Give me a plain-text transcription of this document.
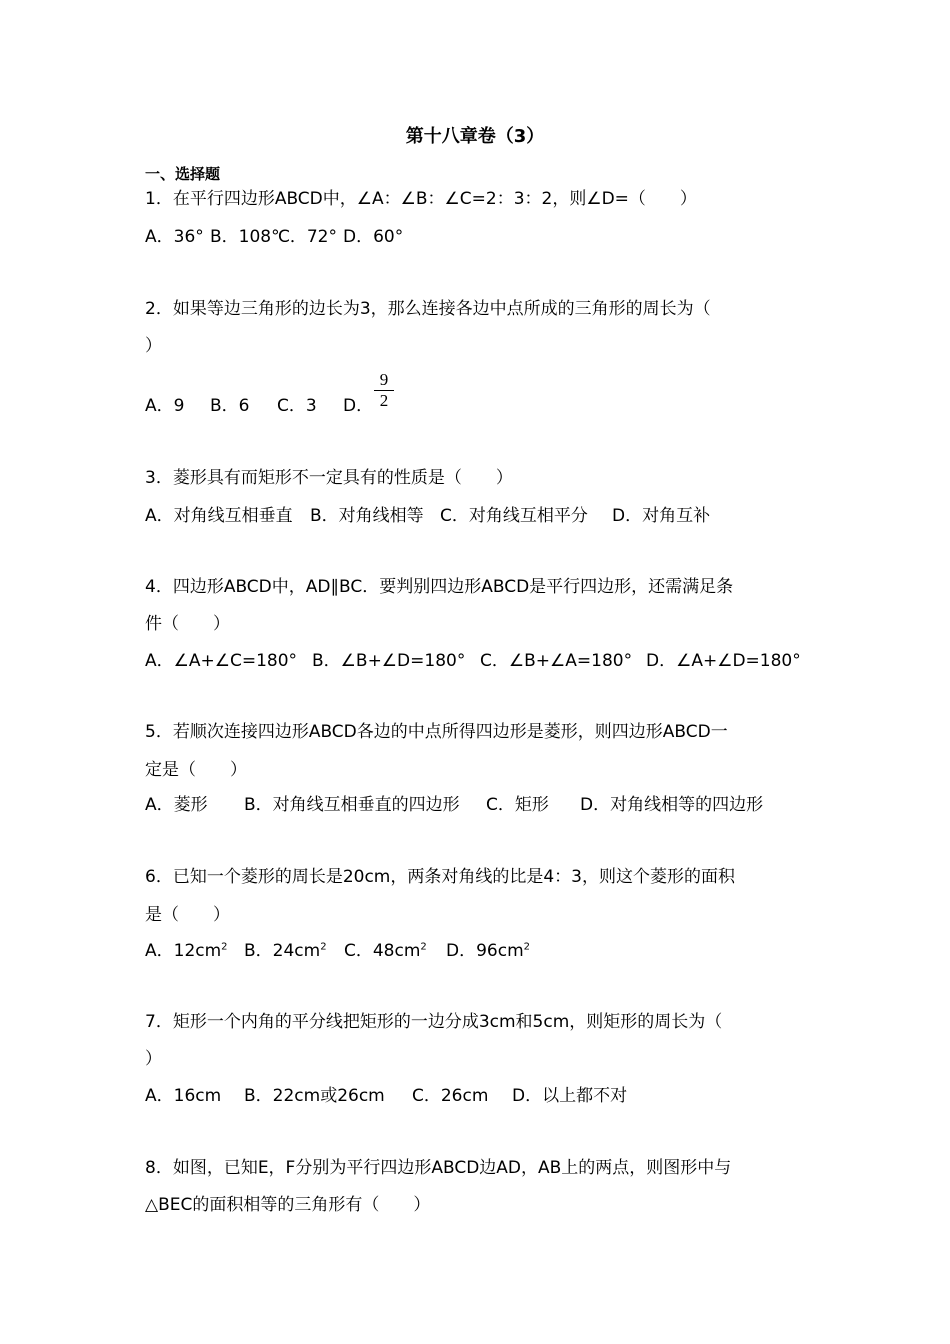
第十八章卷（3）
一、选择题
1．在平行四边形ABCD中，∠A：∠B：∠C=2：3：2，则∠D=（　　）
A．36° B．108°
C．72° D．60°
2．如果等边三角形的边长为3，那么连接各边中点所成的三角形的周长为（
）
A．9 B．6 C．3 D．
9
2
3．菱形具有而矩形不一定具有的性质是（　　）
A．对角线互相垂直 B．对角线相等 C．对角线互相平分 D．对角互补
4．四边形ABCD中，AD∥BC．要判别四边形ABCD是平行四边形，还需满足条
件（　　）
A．∠A+∠C=180° B．∠B+∠D=180° C．∠B+∠A=180° D．∠A+∠D=180°
5．若顺次连接四边形ABCD各边的中点所得四边形是菱形，则四边形ABCD一
定是（　　）
A．菱形 B．对角线互相垂直的四边形 C．矩形 D．对角线相等的四边形
6．已知一个菱形的周长是20cm，两条对角线的比是4：3，则这个菱形的面积
是（　　）
A．$12cm^2$ B．$24cm^2$ C．$48cm^2$ D．$96cm^2$
7．矩形一个内角的平分线把矩形的一边分成3cm和5cm，则矩形的周长为（
）
A．16cm B．22cm或26cm C．26cm D．以上都不对
8．如图，已知E，F分别为平行四边形ABCD边AD，AB上的两点，则图形中与
△BEC的面积相等的三角形有（　　）
